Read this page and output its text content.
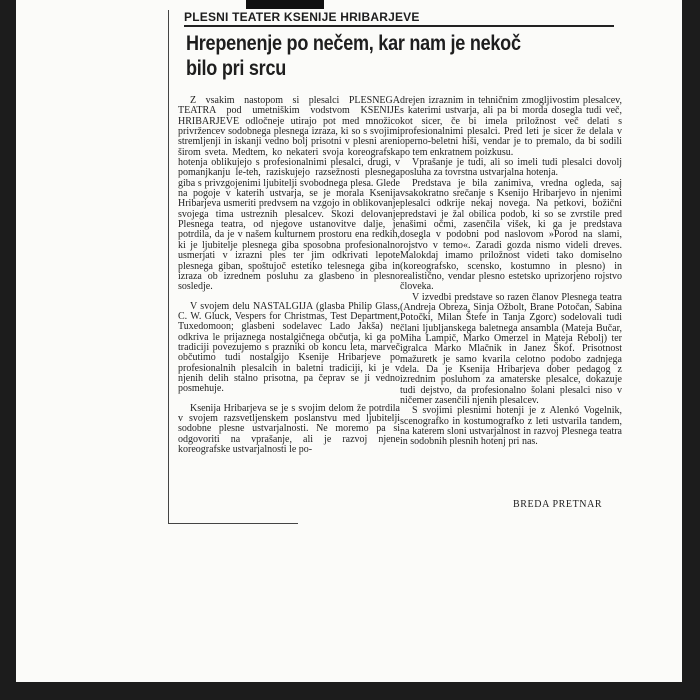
PLESNI TEATER KSENIJE HRIBARJEVE

Hrepenenje po nečem, kar nam je nekoč bilo pri srcu

Z vsakim nastopom si plesalci PLESNEGA TEATRA pod umetniškim vodstvom KSENIJE HRIBARJEVE odločneje utirajo pot med množico privržencev sodobnega plesnega izraza, ki so s svojimi stremljenji in iskanji vedno bolj prisotni v plesni areni širom sveta. Medtem, ko nekateri svoja koreografska hotenja oblikujejo s profesionalnimi plesalci, drugi, v pomanjkanju le-teh, raziskujejo razsežnosti plesnega giba s privzgojenimi ljubitelji svobodnega plesa. Glede na pogoje v katerih ustvarja, se je morala Ksenija Hribarjeva usmeriti predvsem na vzgojo in oblikovanje svojega tima ustreznih plesalcev. Skozi delovanje Plesnega teatra, od njegove ustanovitve dalje, je potrdila, da je v našem kulturnem prostoru ena redkih, ki je ljubitelje plesnega giba sposobna profesionalno usmerjati v izrazni ples ter jim odkrivati lepote plesnega giban, spoštujoč estetiko telesnega giba in izraza ob izrednem posluhu za glasbeno in plesno sosledje.

V svojem delu NASTALGIJA (glasba Philip Glass, C. W. Gluck, Vespers for Christmas, Test Department, Tuxedomoon; glasbeni sodelavec Lado Jakša) ne odkriva le prijaznega nostalgičnega občutja, ki ga po tradiciji povezujemo s prazniki ob koncu leta, marveč občutimo tudi nostalgijo Ksenije Hribarjeve po profesionalnih plesalcih in baletni tradiciji, ki je v njenih delih stalno prisotna, pa čeprav se ji vedno posmehuje.

Ksenija Hribarjeva se je s svojim delom že potrdila v svojem razsvetljenskem poslanstvu med ljubitelji sodobne plesne ustvarjalnosti. Ne moremo pa si odgovoriti na vprašanje, ali je razvoj njene koreografske ustvarjalnosti le po-

drejen izraznim in tehničnim zmogljivostim plesalcev, s katerimi ustvarja, ali pa bi morda dosegla tudi več, kot sicer, če bi imela priložnost več delati s profesionalnimi plesalci. Pred leti je sicer že delala v operno-beletni hiši, vendar je to premalo, da bi sodili po tem enkratnem poizkusu.

Vprašanje je tudi, ali so imeli tudi plesalci dovolj posluha za tovrstna ustvarjalna hotenja.

Predstava je bila zanimiva, vredna ogleda, saj vsakokratno srečanje s Ksenijo Hribarjevo in njenimi plesalci odkrije nekaj novega. Na petkovi, božični predstavi je žal obilica podob, ki so se zvrstile pred našimi očmi, zasenčila višek, ki ga je predstava dosegla v podobni pod naslovom »Porod na slami, rojstvo v temo«. Zaradi gozda nismo videli dreves. Malokdaj imamo priložnost videti tako domiselno (koreografsko, scensko, kostumno in plesno) in realistično, vendar plesno estetsko uprizorjeno rojstvo človeka.

V izvedbi predstave so razen članov Plesnega teatra (Andreja Obreza, Sinja Ožbolt, Brane Potočan, Sabina Potočki, Milan Štefe in Tanja Zgorc) sodelovali tudi člani ljubljanskega baletnega ansambla (Mateja Bučar, Miha Lampič, Marko Omerzel in Mateja Rebolj) ter igralca Marko Mlačnik in Janez Škof. Prisotnost mažuretk je samo kvarila celotno podobo zadnjega dela. Da je Ksenija Hribarjeva dober pedagog z izrednim posluhom za amaterske plesalce, dokazuje tudi dejstvo, da profesionalno šolani plesalci niso v ničemer zasenčili njenih plesalcev.

S svojimi plesnimi hotenji je z Alenkó Vogelnik, scenografko in kostumografko z leti ustvarila tandem, na katerem sloni ustvarjalnost in razvoj Plesnega teatra in sodobnih plesnih hotenj pri nas.

BREDA PRETNAR
